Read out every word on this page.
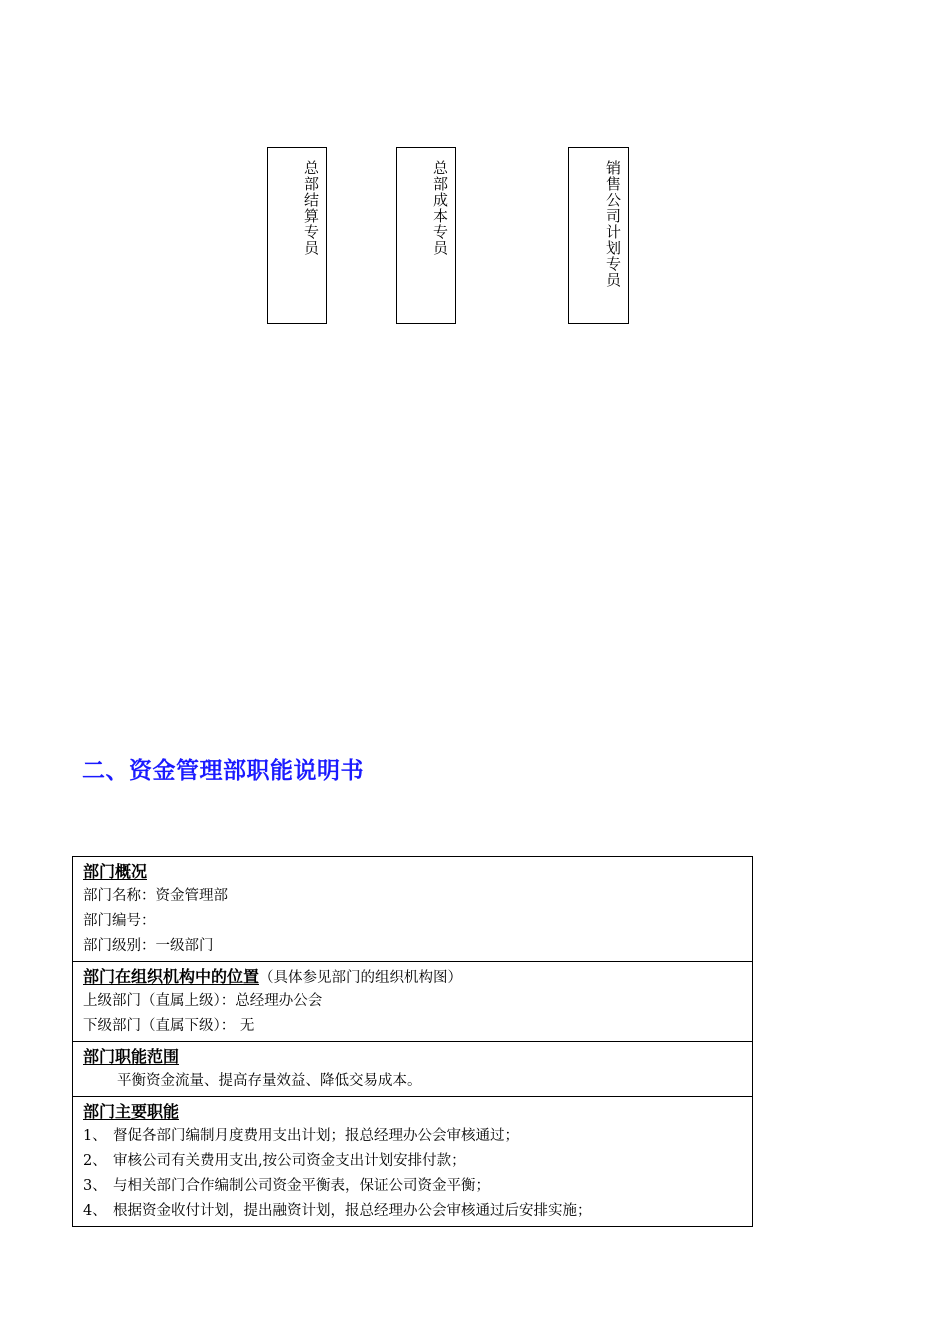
总部结算专员	总部成本专员	销售公司计划专员
二、资金管理部职能说明书
部门概况
部门名称：资金管理部
部门编号：
部门级别：一级部门
部门在组织机构中的位置（具体参见部门的组织机构图）
上级部门（直属上级）：总经理办公会
下级部门（直属下级）： 无
部门职能范围
平衡资金流量、提高存量效益、降低交易成本。
部门主要职能
1、 督促各部门编制月度费用支出计划；报总经理办公会审核通过；
2、 审核公司有关费用支出,按公司资金支出计划安排付款；
3、 与相关部门合作编制公司资金平衡表，保证公司资金平衡；
4、 根据资金收付计划，提出融资计划，报总经理办公会审核通过后安排实施；
